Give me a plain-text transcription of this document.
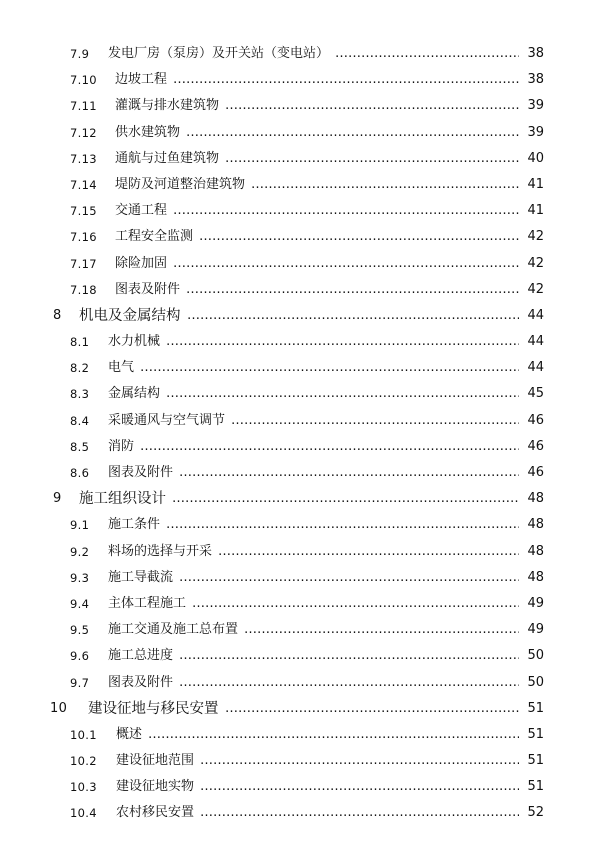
7.9 发电厂房（泵房）及开关站（变电站） …………………………………………………………………………………………………………………………………………	38
7.10 边坡工程 …………………………………………………………………………………………………………………………………………	38
7.11 灌溉与排水建筑物 …………………………………………………………………………………………………………………………………………	39
7.12 供水建筑物 …………………………………………………………………………………………………………………………………………	39
7.13 通航与过鱼建筑物 …………………………………………………………………………………………………………………………………………	40
7.14 堤防及河道整治建筑物 …………………………………………………………………………………………………………………………………………	41
7.15 交通工程 …………………………………………………………………………………………………………………………………………	41
7.16 工程安全监测 …………………………………………………………………………………………………………………………………………	42
7.17 除险加固 …………………………………………………………………………………………………………………………………………	42
7.18 图表及附件 …………………………………………………………………………………………………………………………………………	42
8 机电及金属结构 …………………………………………………………………………………………………………………………………………	44
8.1 水力机械 …………………………………………………………………………………………………………………………………………	44
8.2 电气 …………………………………………………………………………………………………………………………………………	44
8.3 金属结构 …………………………………………………………………………………………………………………………………………	45
8.4 采暖通风与空气调节 …………………………………………………………………………………………………………………………………………	46
8.5 消防 …………………………………………………………………………………………………………………………………………	46
8.6 图表及附件 …………………………………………………………………………………………………………………………………………	46
9 施工组织设计 …………………………………………………………………………………………………………………………………………	48
9.1 施工条件 …………………………………………………………………………………………………………………………………………	48
9.2 料场的选择与开采 …………………………………………………………………………………………………………………………………………	48
9.3 施工导截流 …………………………………………………………………………………………………………………………………………	48
9.4 主体工程施工 …………………………………………………………………………………………………………………………………………	49
9.5 施工交通及施工总布置 …………………………………………………………………………………………………………………………………………	49
9.6 施工总进度 …………………………………………………………………………………………………………………………………………	50
9.7 图表及附件 …………………………………………………………………………………………………………………………………………	50
10 建设征地与移民安置 …………………………………………………………………………………………………………………………………………	51
10.1 概述 …………………………………………………………………………………………………………………………………………	51
10.2 建设征地范围 …………………………………………………………………………………………………………………………………………	51
10.3 建设征地实物 …………………………………………………………………………………………………………………………………………	51
10.4 农村移民安置 …………………………………………………………………………………………………………………………………………	52
